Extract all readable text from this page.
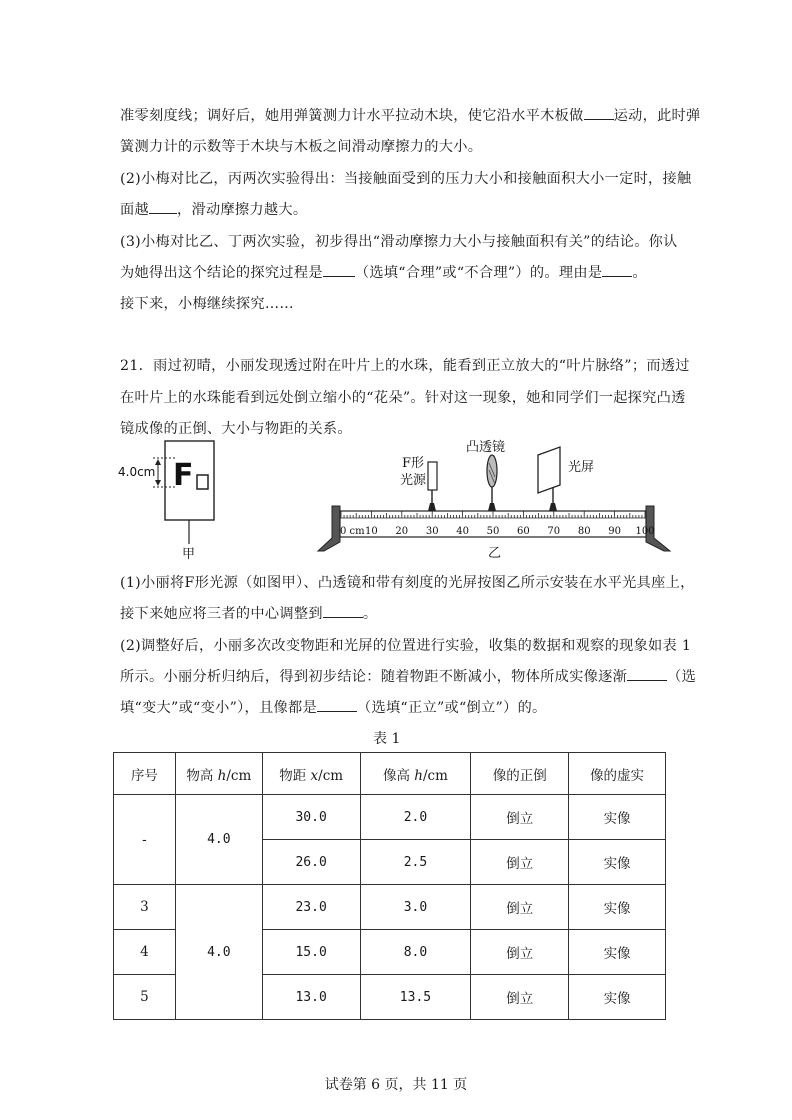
准零刻度线；调好后，她用弹簧测力计水平拉动木块，使它沿水平木板做 运动，此时弹
簧测力计的示数等于木块与木板之间滑动摩擦力的大小。
(2)小梅对比乙，丙两次实验得出：当接触面受到的压力大小和接触面积大小一定时，接触
面越 ，滑动摩擦力越大。
(3)小梅对比乙、丁两次实验，初步得出“滑动摩擦力大小与接触面积有关”的结论。你认
为她得出这个结论的探究过程是 （选填“合理”或“不合理”）的。理由是 。
接下来，小梅继续探究……
21．雨过初晴，小丽发现透过附在叶片上的水珠，能看到正立放大的“叶片脉络”；而透过
在叶片上的水珠能看到远处倒立缩小的“花朵”。针对这一现象，她和同学们一起探究凸透
镜成像的正倒、大小与物距的关系。
F
4.0cm
甲
0 cm 10 20 30 40 50 60 70 80 90 100
F形
光源
凸透镜
光屏
乙
(1)小丽将F形光源（如图甲）、凸透镜和带有刻度的光屏按图乙所示安装在水平光具座上，
接下来她应将三者的中心调整到	。
(2)调整好后，小丽多次改变物距和光屏的位置进行实验，收集的数据和观察的现象如表 1
所示。小丽分析归纳后，得到初步结论：随着物距不断减小，物体所成实像逐渐	（选
填“变大”或“变小”），且像都是	（选填“正立”或“倒立”）的。
表 1
序号	物高 h/cm	物距 x/cm	像高 h/cm	像的正倒	像的虚实
-	4.0	30.0	2.0	倒立	实像
		26.0	2.5	倒立	实像
3	4.0	23.0	3.0	倒立	实像
4		15.0	8.0	倒立	实像
5		13.0	13.5	倒立	实像
试卷第 6 页，共 11 页
